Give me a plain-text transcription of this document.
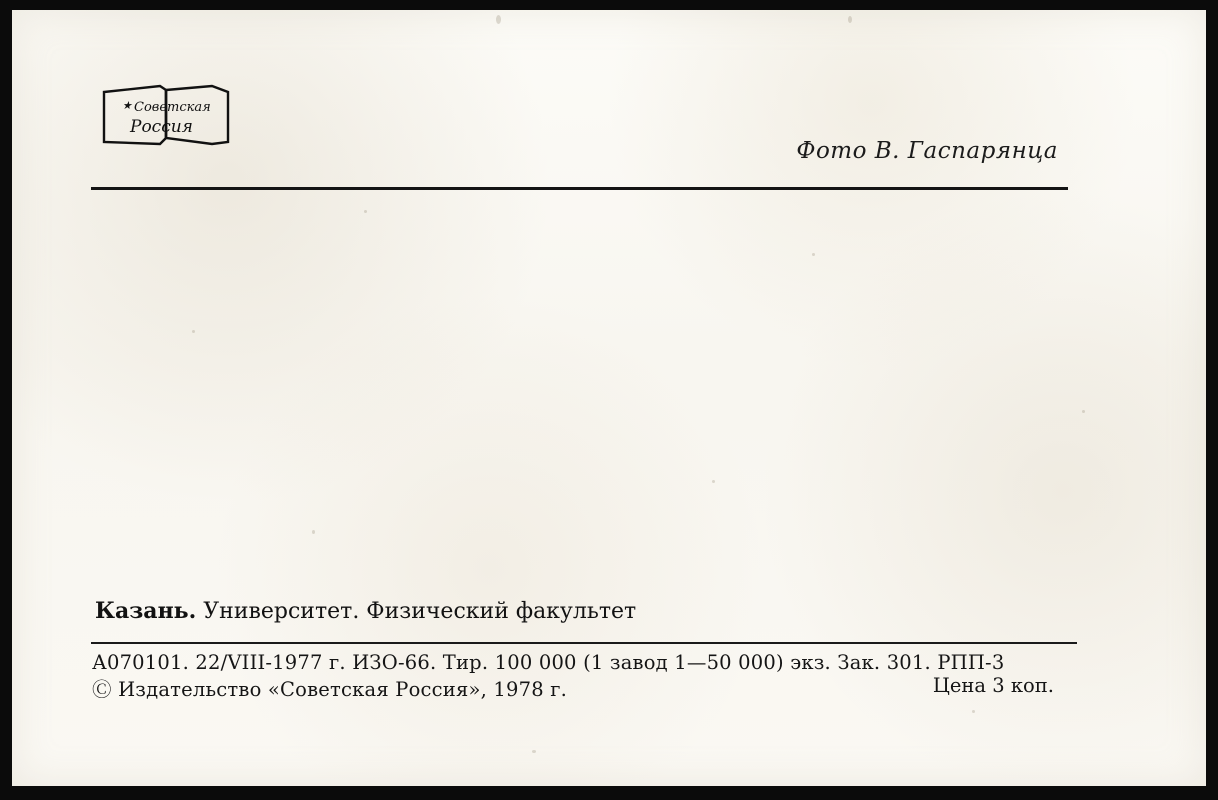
★ Советская
Россия
Фото В. Гаспарянца
Казань. Университет. Физический факультет
А070101. 22/VIII-1977 г. ИЗО-66. Тир. 100 000 (1 завод 1—50 000) экз. Зак. 301. РПП-3
Ⓒ Издательство «Советская Россия», 1978 г.	Цена 3 коп.
